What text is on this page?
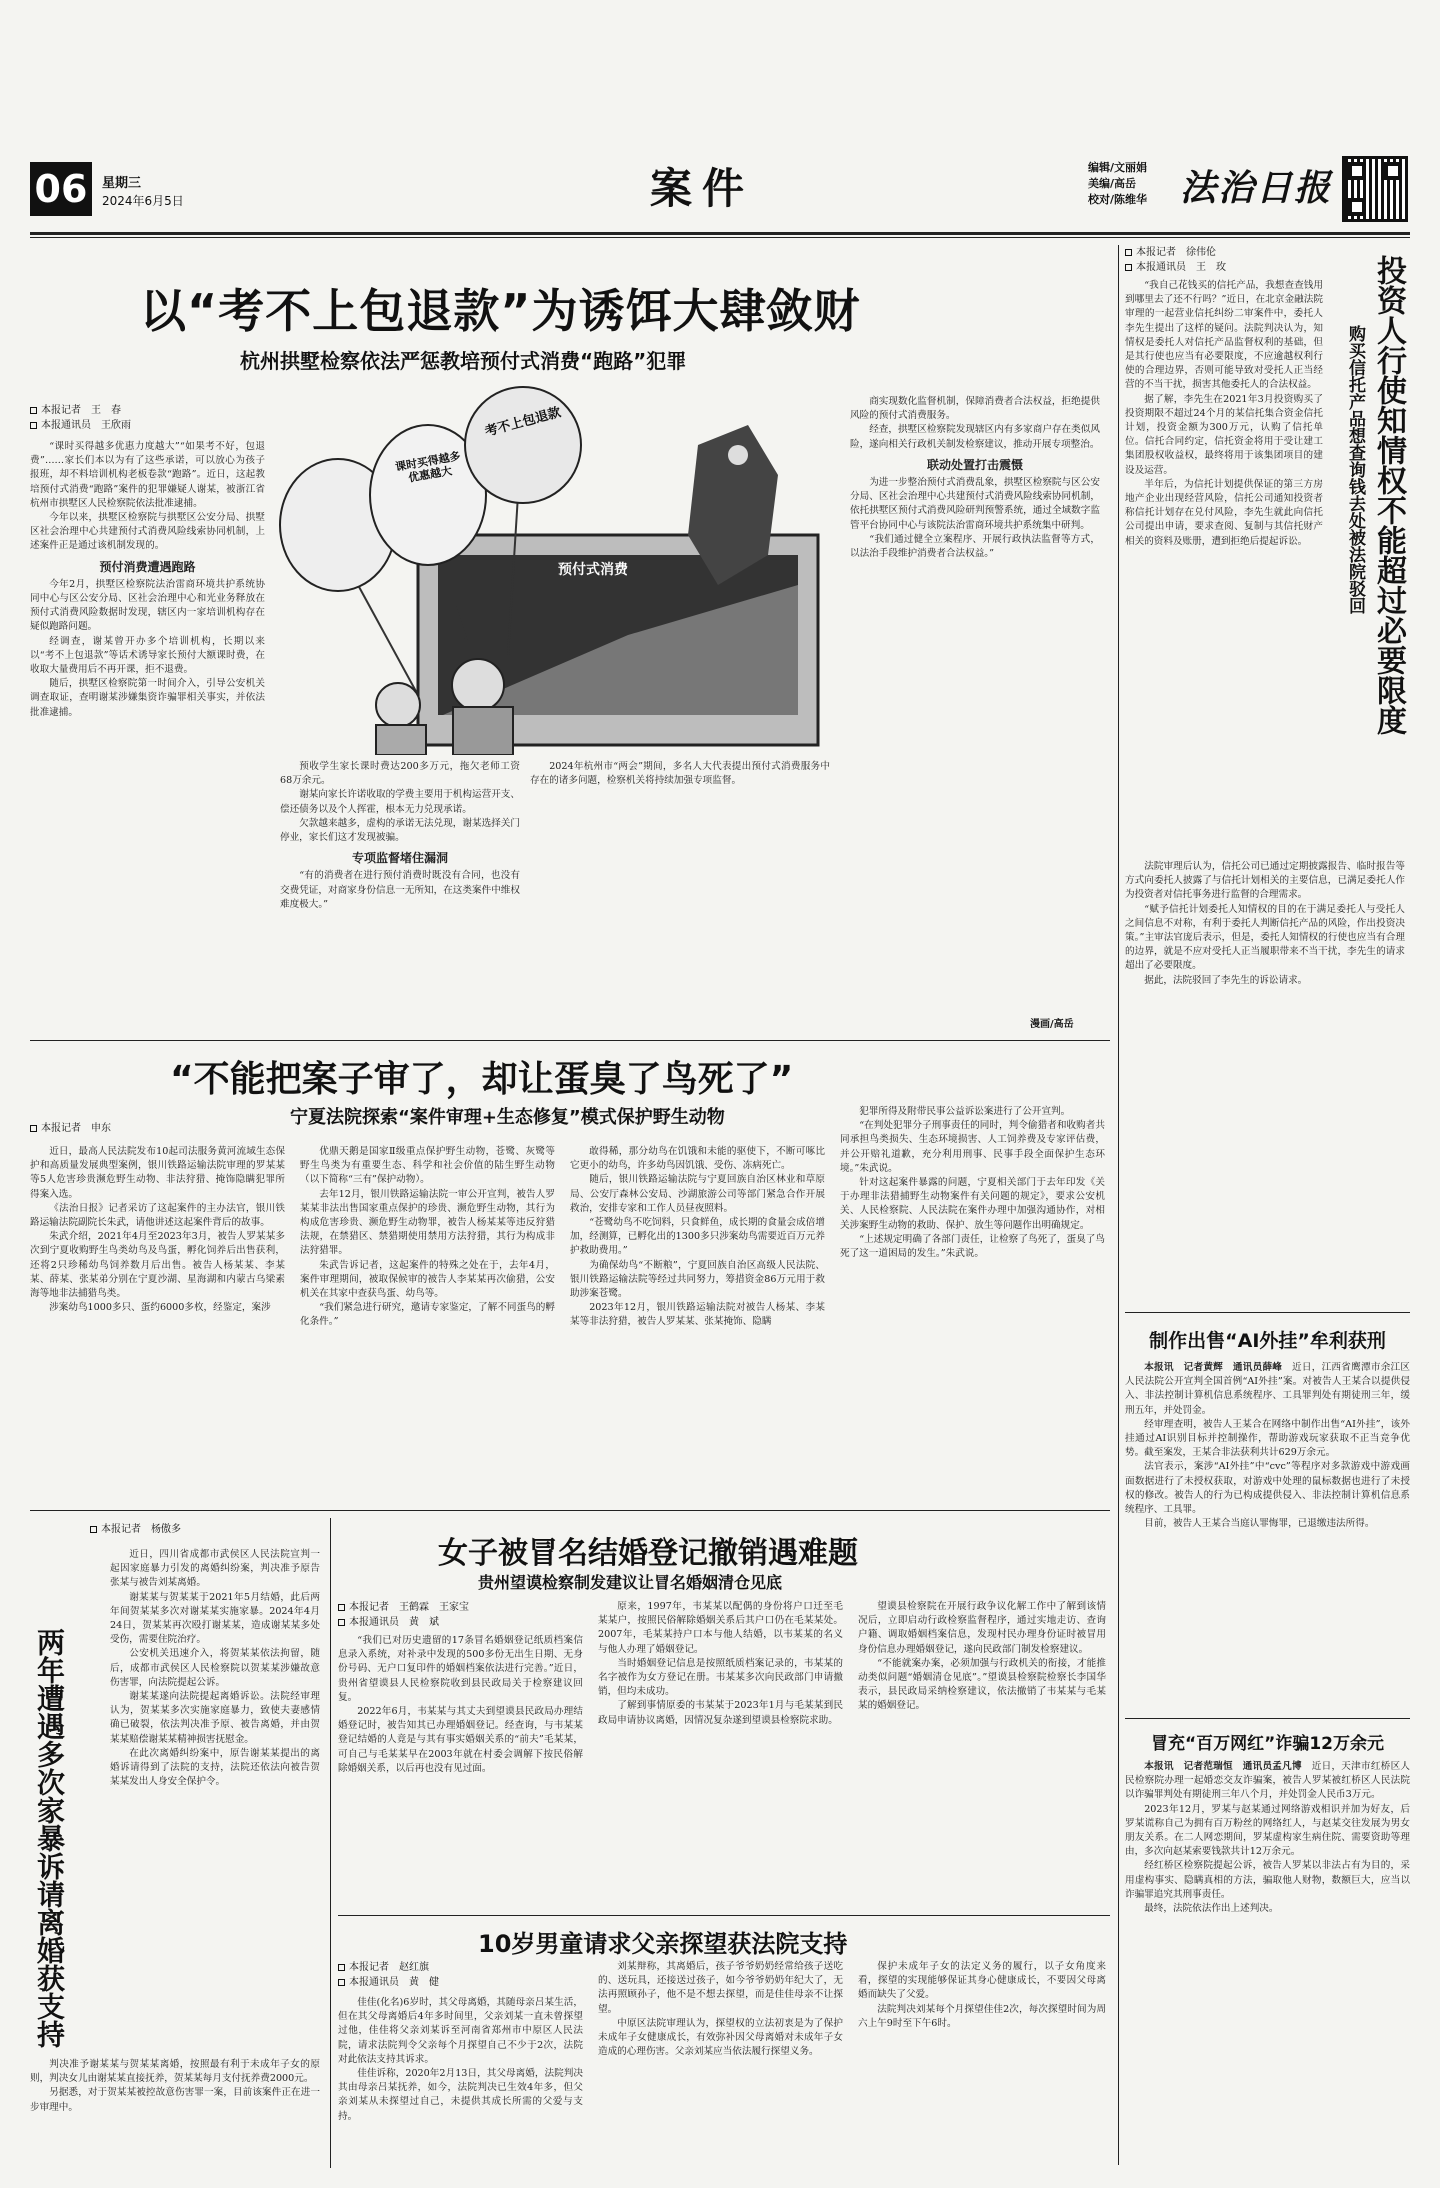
06	星期三
2024年6月5日	案件	编辑/文丽娟
美编/高岳
校对/陈维华 法治日报
以“考不上包退款”为诱饵大肆敛财
杭州拱墅检察依法严惩教培预付式消费“跑路”犯罪
本报记者　王　春
本报通讯员　王欣雨	考不上包退款
课时买得越多优惠越大
预付式消费

“课时买得越多优惠力度越大”“如果考不好，包退费”……家长们本以为有了这些承诺，可以放心为孩子报班，却不料培训机构老板卷款“跑路”。近日，这起教培预付式消费“跑路”案件的犯罪嫌疑人谢某，被浙江省杭州市拱墅区人民检察院依法批准逮捕。

今年以来，拱墅区检察院与拱墅区公安分局、拱墅区社会治理中心共建预付式消费风险线索协同机制，上述案件正是通过该机制发现的。

预付消费遭遇跑路

今年2月，拱墅区检察院法治雷商环境共护系统协同中心与区公安分局、区社会治理中心和光业务释放在预付式消费风险数据时发现，辖区内一家培训机构存在疑似跑路问题。

经调查，谢某曾开办多个培训机构，长期以来以“考不上包退款”等话术诱导家长预付大额课时费，在收取大量费用后不再开课，拒不退费。

随后，拱墅区检察院第一时间介入，引导公安机关调查取证，查明谢某涉嫌集资诈骗罪相关事实，并依法批准逮捕。

预收学生家长课时费达200多万元，拖欠老师工资68万余元。

谢某向家长许诺收取的学费主要用于机构运营开支、偿还债务以及个人挥霍，根本无力兑现承诺。

欠款越来越多，虚构的承诺无法兑现，谢某选择关门停业，家长们这才发现被骗。

专项监督堵住漏洞

“有的消费者在进行预付消费时既没有合同，也没有交费凭证，对商家身份信息一无所知，在这类案件中维权难度极大。”

2024年杭州市“两会”期间，多名人大代表提出预付式消费服务中存在的诸多问题，检察机关将持续加强专项监督。

商实现数化监督机制，保障消费者合法权益，拒绝提供风险的预付式消费服务。

经查，拱墅区检察院发现辖区内有多家商户存在类似风险，遂向相关行政机关制发检察建议，推动开展专项整治。

联动处置打击震慑

为进一步整治预付式消费乱象，拱墅区检察院与区公安分局、区社会治理中心共建预付式消费风险线索协同机制，依托拱墅区预付式消费风险研判预警系统，通过全域数字监管平台协同中心与该院法治雷商环境共护系统集中研判。

“我们通过健全立案程序、开展行政执法监督等方式，以法治手段维护消费者合法权益。”

漫画/高岳
“不能把案子审了，却让蛋臭了鸟死了”
宁夏法院探索“案件审理+生态修复”模式保护野生动物
本报记者　申东

近日，最高人民法院发布10起司法服务黄河流域生态保护和高质量发展典型案例，银川铁路运输法院审理的罗某某等5人危害珍贵濒危野生动物、非法狩猎、掩饰隐瞒犯罪所得案入选。

《法治日报》记者采访了这起案件的主办法官，银川铁路运输法院副院长朱武，请他讲述这起案件背后的故事。

朱武介绍，2021年4月至2023年3月，被告人罗某某多次到宁夏收购野生鸟类幼鸟及鸟蛋，孵化饲养后出售获利，还将2只珍稀幼鸟饲养数月后出售。被告人杨某某、李某某、薛某、张某弟分别在宁夏沙湖、星海湖和内蒙古乌梁素海等地非法捕猎鸟类。

涉案幼鸟1000多只、蛋约6000多枚，经鉴定，案涉

优鼎天鹅是国家Ⅱ级重点保护野生动物，苍鹭、灰鹭等野生鸟类为有重要生态、科学和社会价值的陆生野生动物（以下简称“三有”保护动物）。

去年12月，银川铁路运输法院一审公开宣判，被告人罗某某非法出售国家重点保护的珍贵、濒危野生动物，其行为构成危害珍贵、濒危野生动物罪，被告人杨某某等违反狩猎法规，在禁猎区、禁猎期使用禁用方法狩猎，其行为构成非法狩猎罪。

朱武告诉记者，这起案件的特殊之处在于，去年4月，案件审理期间，被取保候审的被告人李某某再次偷猎，公安机关在其家中查获鸟蛋、幼鸟等。

“我们紧急进行研究，邀请专家鉴定，了解不同蛋鸟的孵化条件。”

敢得稀，那分幼鸟在饥饿和未能的驱使下，不断可啄比它更小的幼鸟，许多幼鸟因饥饿、受伤、冻病死亡。

随后，银川铁路运输法院与宁夏回族自治区林业和草原局、公安厅森林公安局、沙湖旅游公司等部门紧急合作开展救治，安排专家和工作人员昼夜照料。

“苍鹭幼鸟不吃饲料，只食鲜鱼，成长期的食量会成倍增加，经测算，已孵化出的1300多只涉案幼鸟需要近百万元养护救助费用。”

为确保幼鸟“不断粮”，宁夏回族自治区高级人民法院、银川铁路运输法院等经过共同努力，筹措资金86万元用于救助涉案苍鹭。

2023年12月，银川铁路运输法院对被告人杨某、李某某等非法狩猎，被告人罗某某、张某掩饰、隐瞒

犯罪所得及附带民事公益诉讼案进行了公开宣判。

“在判处犯罪分子刑事责任的同时，判令偷猎者和收购者共同承担鸟类损失、生态环境损害、人工饲养费及专家评估费，并公开赔礼道歉，充分利用刑事、民事手段全面保护生态环境。”朱武说。

针对这起案件暴露的问题，宁夏相关部门于去年印发《关于办理非法猎捕野生动物案件有关问题的规定》，要求公安机关、人民检察院、人民法院在案件办理中加强沟通协作，对相关涉案野生动物的救助、保护、放生等问题作出明确规定。

“上述规定明确了各部门责任，让检察了鸟死了，蛋臭了鸟死了这一道困局的发生。”朱武说。

本报记者　徐伟伦
本报通讯员　王　玫	投资人行使知情权不能超过必要限度
购买信托产品想查询钱去处被法院驳回

“我自己花钱买的信托产品，我想查查钱用到哪里去了还不行吗？”近日，在北京金融法院审理的一起营业信托纠纷二审案件中，委托人李先生提出了这样的疑问。法院判决认为，知情权是委托人对信托产品监督权利的基础，但是其行使也应当有必要限度，不应逾越权利行使的合理边界，否则可能导致对受托人正当经营的不当干扰，损害其他委托人的合法权益。

据了解，李先生在2021年3月投资购买了投资期限不超过24个月的某信托集合资金信托计划，投资金额为300万元，认购了信托单位。信托合同约定，信托资金将用于受让建工集团股权收益权，最终将用于该集团项目的建设及运营。

半年后，为信托计划提供保证的第三方房地产企业出现经营风险，信托公司通知投资者称信托计划存在兑付风险，李先生就此向信托公司提出申请，要求查阅、复制与其信托财产相关的资料及账册，遭到拒绝后提起诉讼。

法院审理后认为，信托公司已通过定期披露报告、临时报告等方式向委托人披露了与信托计划相关的主要信息，已满足委托人作为投资者对信托事务进行监督的合理需求。

“赋予信托计划委托人知情权的目的在于满足委托人与受托人之间信息不对称，有利于委托人判断信托产品的风险，作出投资决策。”主审法官庞后表示，但是，委托人知情权的行使也应当有合理的边界，就是不应对受托人正当履职带来不当干扰，李先生的请求超出了必要限度。

据此，法院驳回了李先生的诉讼请求。

制作出售“AI外挂”牟利获刑

本报讯　记者黄辉　通讯员薛峰　 近日，江西省鹰潭市余江区人民法院公开宣判全国首例“AI外挂”案。对被告人王某合以提供侵入、非法控制计算机信息系统程序、工具罪判处有期徒刑三年，缓刑五年，并处罚金。

经审理查明，被告人王某合在网络中制作出售“AI外挂”，该外挂通过AI识别目标并控制操作，帮助游戏玩家获取不正当竞争优势。截至案发，王某合非法获利共计629万余元。

法官表示，案涉“AI外挂”中“cvc”等程序对多款游戏中游戏画面数据进行了未授权获取，对游戏中处理的鼠标数据也进行了未授权的修改。被告人的行为已构成提供侵入、非法控制计算机信息系统程序、工具罪。

目前，被告人王某合当庭认罪悔罪，已退缴违法所得。

冒充“百万网红”诈骗12万余元

本报讯　记者范瑞恒　通讯员孟凡博　 近日，天津市红桥区人民检察院办理一起婚恋交友诈骗案，被告人罗某被红桥区人民法院以诈骗罪判处有期徒刑三年八个月，并处罚金人民币3万元。

2023年12月，罗某与赵某通过网络游戏相识并加为好友，后罗某谎称自己为拥有百万粉丝的网络红人，与赵某交往发展为男女朋友关系。在二人网恋期间，罗某虚构家生病住院、需要资助等理由，多次向赵某索要钱款共计12万余元。

经红桥区检察院提起公诉，被告人罗某以非法占有为目的，采用虚构事实、隐瞒真相的方法，骗取他人财物，数额巨大，应当以诈骗罪追究其刑事责任。

最终，法院依法作出上述判决。

两年遭遇多次家暴诉请离婚获支持
本报记者　杨傲多

近日，四川省成都市武侯区人民法院宣判一起因家庭暴力引发的离婚纠纷案，判决准予原告张某与被告刘某离婚。

谢某某与贺某某于2021年5月结婚，此后两年间贺某某多次对谢某某实施家暴。2024年4月24日，贺某某再次殴打谢某某，造成谢某某多处受伤，需要住院治疗。

公安机关迅速介入，将贺某某依法拘留，随后，成都市武侯区人民检察院以贺某某涉嫌故意伤害罪，向法院提起公诉。

谢某某遂向法院提起离婚诉讼。法院经审理认为，贺某某多次实施家庭暴力，致使夫妻感情确已破裂，依法判决准予原、被告离婚，并由贺某某赔偿谢某某精神损害抚慰金。

在此次离婚纠纷案中，原告谢某某提出的离婚诉请得到了法院的支持，法院还依法向被告贺某某发出人身安全保护令。

判决准予谢某某与贺某某离婚，按照最有利于未成年子女的原则，判决女儿由谢某某直接抚养，贺某某每月支付抚养费2000元。

另据悉，对于贺某某被控故意伤害罪一案，目前该案件正在进一步审理中。

女子被冒名结婚登记撤销遇难题
贵州望谟检察制发建议让冒名婚姻清仓见底
本报记者　王鹤霖　王家宝
本报通讯员　黄　斌

“我们已对历史遗留的17条冒名婚姻登记纸质档案信息录入系统，对补录中发现的500多份无出生日期、无身份号码、无户口复印件的婚姻档案依法进行完善。”近日，贵州省望谟县人民检察院收到县民政局关于检察建议回复。

2022年6月，韦某某与其丈夫到望谟县民政局办理结婚登记时，被告知其已办理婚姻登记。经查询，与韦某某登记结婚的人竟是与其有事实婚姻关系的“前夫”毛某某，可自己与毛某某早在2003年就在村委会调解下按民俗解除婚姻关系，以后再也没有见过面。

原来，1997年，韦某某以配偶的身份将户口迁至毛某某户，按照民俗解除婚姻关系后其户口仍在毛某某处。2007年，毛某某持户口本与他人结婚，以韦某某的名义与他人办理了婚姻登记。

当时婚姻登记信息是按照纸质档案记录的，韦某某的名字被作为女方登记在册。韦某某多次向民政部门申请撤销，但均未成功。

了解到事情原委的韦某某于2023年1月与毛某某到民政局申请协议离婚，因情况复杂遂到望谟县检察院求助。

望谟县检察院在开展行政争议化解工作中了解到该情况后，立即启动行政检察监督程序，通过实地走访、查询户籍、调取婚姻档案信息，发现村民办理身份证时被冒用身份信息办理婚姻登记，遂向民政部门制发检察建议。

“不能就案办案，必须加强与行政机关的衔接，才能推动类似问题“婚姻清仓见底”。”望谟县检察院检察长李国华表示，县民政局采纳检察建议，依法撤销了韦某某与毛某某的婚姻登记。

10岁男童请求父亲探望获法院支持
本报记者　赵红旗
本报通讯员　黄　健

佳佳(化名)6岁时，其父母离婚，其随母亲吕某生活，但在其父母离婚后4年多时间里，父亲刘某一直未曾探望过他，佳佳将父亲刘某诉至河南省郑州市中原区人民法院，请求法院判令父亲每个月探望自己不少于2次，法院对此依法支持其诉求。

佳佳诉称，2020年2月13日，其父母离婚，法院判决其由母亲吕某抚养，如今，法院判决已生效4年多，但父亲刘某从未探望过自己，未提供其成长所需的父爱与支持。

刘某辩称，其离婚后，孩子爷爷奶奶经常给孩子送吃的、送玩具，还接送过孩子，如今爷爷奶奶年纪大了，无法再照顾孙子，他不是不想去探望，而是佳佳母亲不让探望。

中原区法院审理认为，探望权的立法初衷是为了保护未成年子女健康成长，有效弥补因父母离婚对未成年子女造成的心理伤害。父亲刘某应当依法履行探望义务。

保护未成年子女的法定义务的履行，以子女角度来看，探望的实现能够保证其身心健康成长，不要因父母离婚而缺失了父爱。

法院判决刘某每个月探望佳佳2次，每次探望时间为周六上午9时至下午6时。
